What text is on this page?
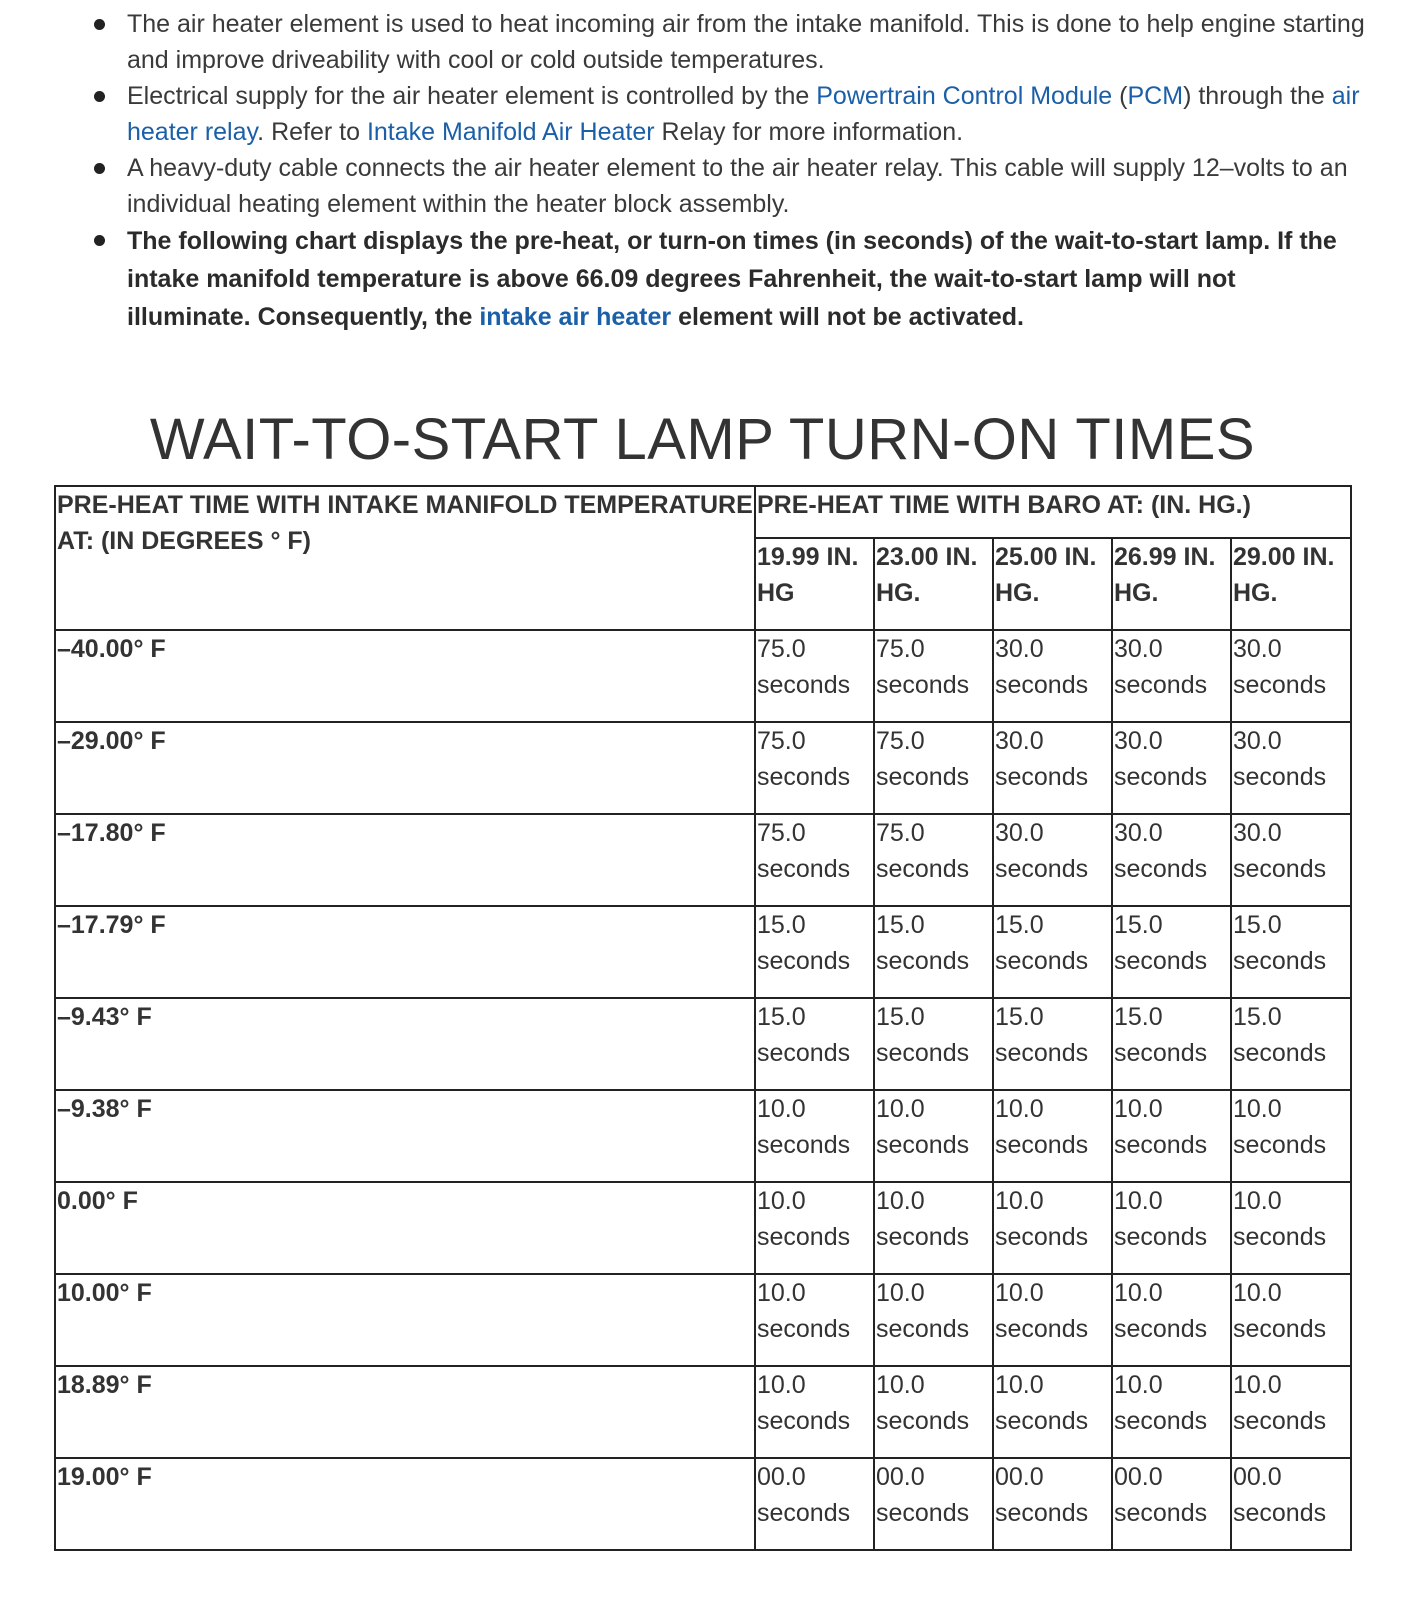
The air heater element is used to heat incoming air from the intake manifold. This is done to help engine starting and improve driveability with cool or cold outside temperatures.
Electrical supply for the air heater element is controlled by the Powertrain Control Module (PCM) through the air heater relay. Refer to Intake Manifold Air Heater Relay for more information.
A heavy-duty cable connects the air heater element to the air heater relay. This cable will supply 12–volts to an individual heating element within the heater block assembly.
The following chart displays the pre-heat, or turn-on times (in seconds) of the wait-to-start lamp. If the intake manifold temperature is above 66.09 degrees Fahrenheit, the wait-to-start lamp will not illuminate. Consequently, the intake air heater element will not be activated.
WAIT-TO-START LAMP TURN-ON TIMES
PRE-HEAT TIME WITH INTAKE MANIFOLD TEMPERATURE AT: (IN DEGREES ° F)	PRE-HEAT TIME WITH BARO AT: (IN. HG.)				
	19.99 IN. HG	23.00 IN. HG.	25.00 IN. HG.	26.99 IN. HG.	29.00 IN. HG.
–40.00° F	75.0 seconds	75.0 seconds	30.0 seconds	30.0 seconds	30.0 seconds
–29.00° F	75.0 seconds	75.0 seconds	30.0 seconds	30.0 seconds	30.0 seconds
–17.80° F	75.0 seconds	75.0 seconds	30.0 seconds	30.0 seconds	30.0 seconds
–17.79° F	15.0 seconds	15.0 seconds	15.0 seconds	15.0 seconds	15.0 seconds
–9.43° F	15.0 seconds	15.0 seconds	15.0 seconds	15.0 seconds	15.0 seconds
–9.38° F	10.0 seconds	10.0 seconds	10.0 seconds	10.0 seconds	10.0 seconds
0.00° F	10.0 seconds	10.0 seconds	10.0 seconds	10.0 seconds	10.0 seconds
10.00° F	10.0 seconds	10.0 seconds	10.0 seconds	10.0 seconds	10.0 seconds
18.89° F	10.0 seconds	10.0 seconds	10.0 seconds	10.0 seconds	10.0 seconds
19.00° F	00.0 seconds	00.0 seconds	00.0 seconds	00.0 seconds	00.0 seconds
